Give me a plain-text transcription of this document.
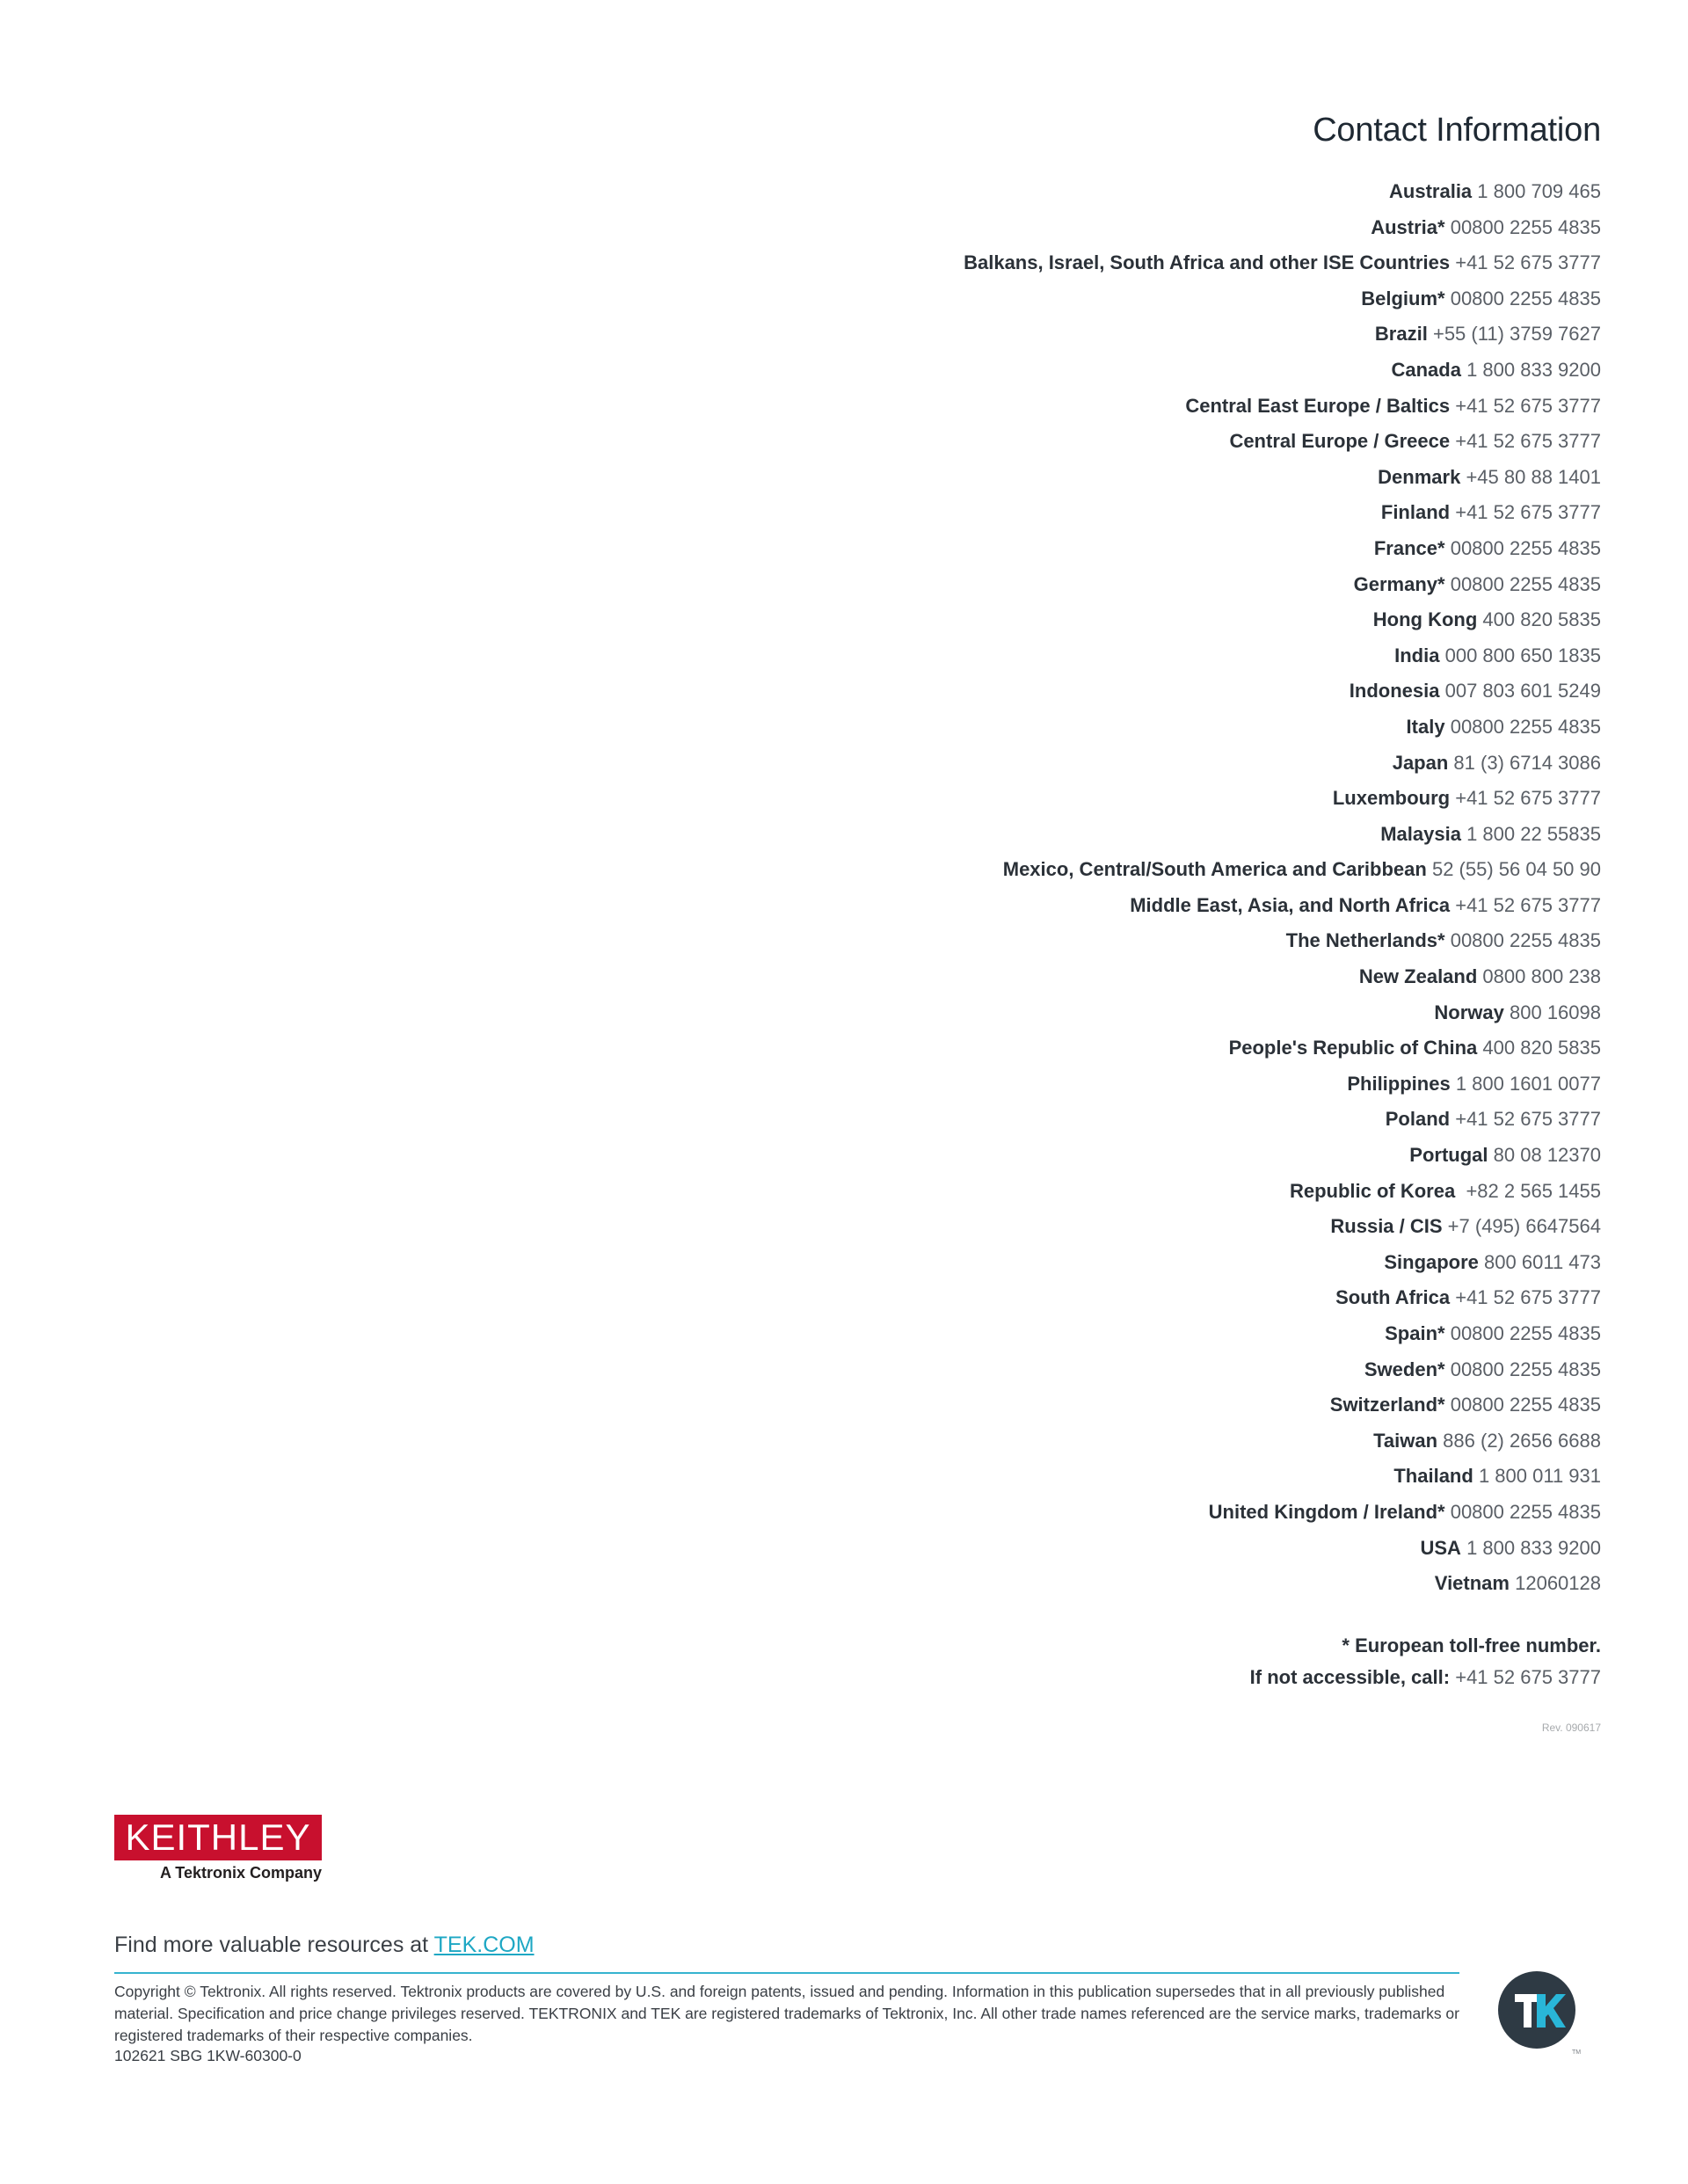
Contact Information
Australia 1 800 709 465
Austria* 00800 2255 4835
Balkans, Israel, South Africa and other ISE Countries +41 52 675 3777
Belgium* 00800 2255 4835
Brazil +55 (11) 3759 7627
Canada 1 800 833 9200
Central East Europe / Baltics +41 52 675 3777
Central Europe / Greece +41 52 675 3777
Denmark +45 80 88 1401
Finland +41 52 675 3777
France* 00800 2255 4835
Germany* 00800 2255 4835
Hong Kong 400 820 5835
India 000 800 650 1835
Indonesia 007 803 601 5249
Italy 00800 2255 4835
Japan 81 (3) 6714 3086
Luxembourg +41 52 675 3777
Malaysia 1 800 22 55835
Mexico, Central/South America and Caribbean 52 (55) 56 04 50 90
Middle East, Asia, and North Africa +41 52 675 3777
The Netherlands* 00800 2255 4835
New Zealand 0800 800 238
Norway 800 16098
People's Republic of China 400 820 5835
Philippines 1 800 1601 0077
Poland +41 52 675 3777
Portugal 80 08 12370
Republic of Korea  +82 2 565 1455
Russia / CIS +7 (495) 6647564
Singapore 800 6011 473
South Africa +41 52 675 3777
Spain* 00800 2255 4835
Sweden* 00800 2255 4835
Switzerland* 00800 2255 4835
Taiwan 886 (2) 2656 6688
Thailand 1 800 011 931
United Kingdom / Ireland* 00800 2255 4835
USA 1 800 833 9200
Vietnam 12060128
* European toll-free number.
If not accessible, call: +41 52 675 3777
Rev. 090617
KEITHLEY
A Tektronix Company
Find more valuable resources at TEK.COM
Copyright © Tektronix. All rights reserved. Tektronix products are covered by U.S. and foreign patents, issued and pending. Information in this publication supersedes that in all previously published material. Specification and price change privileges reserved. TEKTRONIX and TEK are registered trademarks of Tektronix, Inc. All other trade names referenced are the service marks, trademarks or registered trademarks of their respective companies.
102621 SBG 1KW-60300-0	TM
